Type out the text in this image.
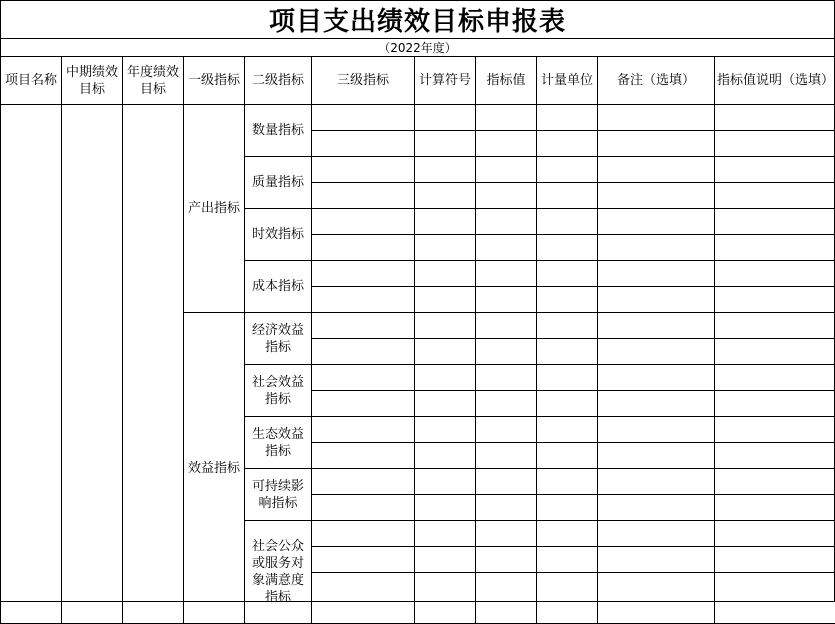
项目支出绩效目标申报表
（2022年度）
项目名称	中期绩效目标	年度绩效目标	一级指标	二级指标	三级指标	计算符号	指标值	计量单位	备注（选填）	指标值说明（选填）
			产出指标	数量指标						

				质量指标						

				时效指标						

				成本指标						

			效益指标	经济效益指标						

				社会效益指标						

				生态效益指标						

				可持续影响指标						

				社会公众或服务对象满意度指标						
